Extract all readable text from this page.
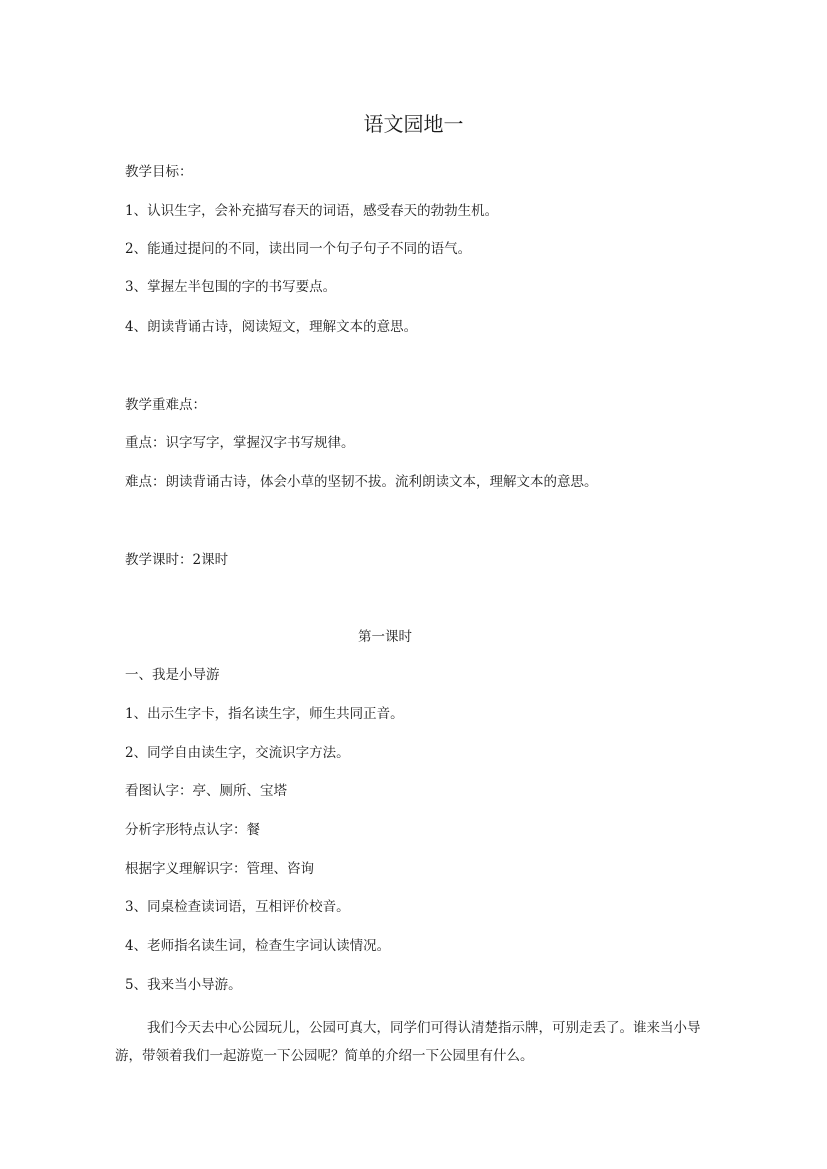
语文园地一

教学目标：

1、认识生字，会补充描写春天的词语，感受春天的勃勃生机。

2、能通过提问的不同，读出同一个句子句子不同的语气。

3、掌握左半包围的字的书写要点。

4、朗读背诵古诗，阅读短文，理解文本的意思。

教学重难点：

重点：识字写字，掌握汉字书写规律。

难点：朗读背诵古诗，体会小草的坚韧不拔。流利朗读文本，理解文本的意思。

教学课时：2课时

第一课时

一、我是小导游

1、出示生字卡，指名读生字，师生共同正音。

2、同学自由读生字，交流识字方法。

看图认字：亭、厕所、宝塔

分析字形特点认字：餐

根据字义理解识字：管理、咨询

3、同桌检查读词语，互相评价校音。

4、老师指名读生词，检查生字词认读情况。

5、我来当小导游。

我们今天去中心公园玩儿，公园可真大，同学们可得认清楚指示牌，可别走丢了。谁来当小导游，带领着我们一起游览一下公园呢？简单的介绍一下公园里有什么。
